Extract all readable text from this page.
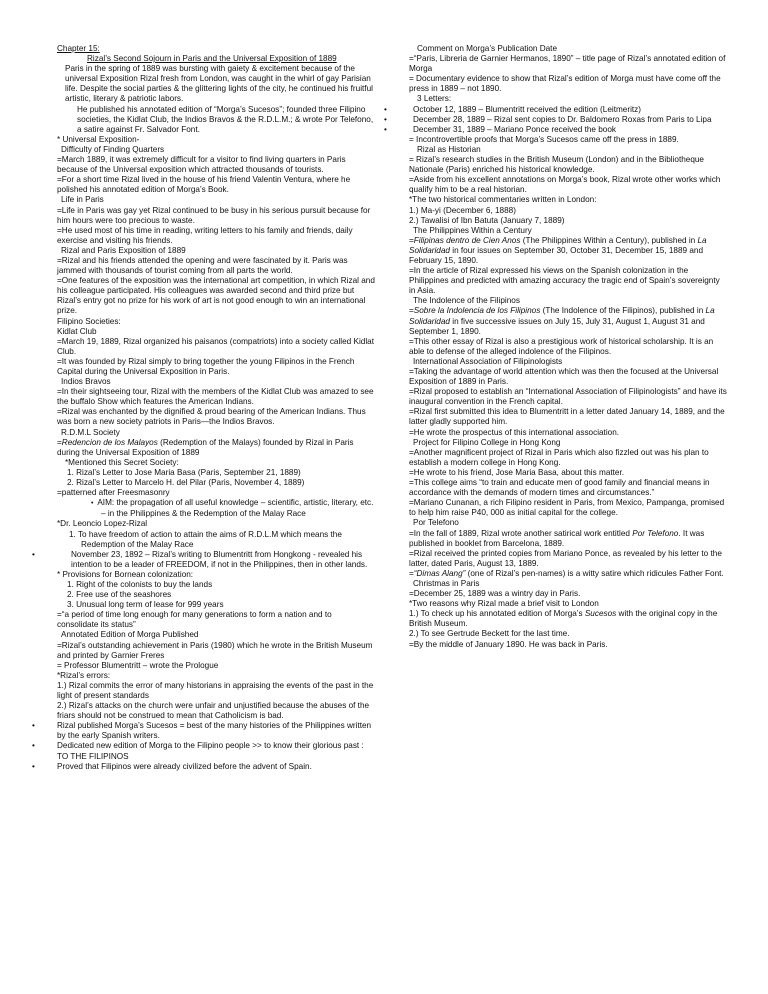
Chapter 15:
Rizal’s Second Sojourn in Paris and the Universal Exposition of 1889
Paris in the spring of 1889 was bursting with gaiety & excitement because of the universal Exposition Rizal fresh from London, was caught in the whirl of gay Parisian life. Despite the social parties & the glittering lights of the city, he continued his fruitful artistic, literary & patriotic labors.
He published his annotated edition of “Morga’s Sucesos”; founded three Filipino societies, the Kidlat Club, the Indios Bravos & the R.D.L.M.; & wrote Por Telefono, a satire against Fr. Salvador Font.
* Universal Exposition-
Difficulty of Finding Quarters
=March 1889, it was extremely difficult for a visitor to find living quarters in Paris because of the Universal exposition which attracted thousands of tourists.
=For a short time Rizal lived in the house of his friend Valentin Ventura, where he polished his annotated edition of Morga’s Book.
Life in Paris
=Life in Paris was gay yet Rizal continued to be busy in his serious pursuit because for him hours were too precious to waste.
=He used most of his time in reading, writing letters to his family and friends, daily exercise and visiting his friends.
Rizal and Paris Exposition of 1889
=Rizal and his friends attended the opening and were fascinated by it. Paris was jammed with thousands of tourist coming from all parts the world.
=One features of the exposition was the international art competition, in which Rizal and his colleague participated. His colleagues was awarded second and third prize but Rizal’s entry got no prize for his work of art is not good enough to win an international prize.
Filipino Societies:
Kidlat Club
=March 19, 1889, Rizal organized his paisanos (compatriots) into a society called Kidlat Club.
=It was founded by Rizal simply to bring together the young Filipinos in the French Capital during the Universal Exposition in Paris.
Indios Bravos
=In their sightseeing tour, Rizal with the members of the Kidlat Club was amazed to see the buffalo Show which features the American Indians.
=Rizal was enchanted by the dignified & proud bearing of the American Indians. Thus was born a new society patriots in Paris—the Indios Bravos.
R.D.M.L Society
=Redencion de los Malayos (Redemption of the Malays) founded by Rizal in Paris during the Universal Exposition of 1889
*Mentioned this Secret Society:
1. Rizal’s Letter to Jose Maria Basa (Paris, September 21, 1889)
2. Rizal’s Letter to Marcelo H. del Pilar (Paris, November 4, 1889)
=patterned after Freesmasonry
•  AIM: the propagation of all useful knowledge – scientific, artistic, literary, etc. – in the Philippines & the Redemption of the Malay Race
*Dr. Leoncio Lopez-Rizal
1. To have freedom of action to attain the aims of R.D.L.M which means the Redemption of the Malay Race
• November 23, 1892 – Rizal’s writing to Blumentritt from Hongkong - revealed his intention to be a leader of FREEDOM, if not in the Philippines, then in other lands.
* Provisions for Bornean colonization:
1. Right of the colonists to buy the lands
2. Free use of the seashores
3. Unusual long term of lease for 999 years
=“a period of time long enough for many generations to form a nation and to consolidate its status”
Annotated Edition of Morga Published
=Rizal’s outstanding achievement in Paris (1980) which he wrote in the British Museum and printed by Garnier Freres
= Professor Blumentritt – wrote the Prologue
*Rizal’s errors:
1.) Rizal commits the error of many historians in appraising the events of the past in the light of present standards
2.) Rizal’s attacks on the church were unfair and unjustified because the abuses of the friars should not be construed to mean that Catholicism is bad.
• Rizal published Morga’s Sucesos = best of the many histories of the Philippines written by the early Spanish writers.
• Dedicated new edition of Morga to the Filipino people >> to know their glorious past : TO THE FILIPINOS
• Proved that Filipinos were already civilized before the advent of Spain.
Comment on Morga’s Publication Date
=“Paris, Libreria de Garnier Hermanos, 1890” – title page of Rizal’s annotated edition of Morga
= Documentary evidence to show that Rizal’s edition of Morga must have come off the press in 1889 – not 1890.
3 Letters:
• October 12, 1889 – Blumentritt received the edition (Leitmeritz)
• December 28, 1889 – Rizal sent copies to Dr. Baldomero Roxas from Paris to Lipa
• December 31, 1889 – Mariano Ponce received the book
= Incontrovertible proofs that Morga’s Sucesos came off the press in 1889.
Rizal as Historian
= Rizal’s research studies in the British Museum (London) and in the Bibliotheque Nationale (Paris) enriched his historical knowledge.
=Aside from his excellent annotations on Morga’s book, Rizal wrote other works which qualify him to be a real historian.
*The two historical commentaries written in London:
1.) Ma-yi (December 6, 1888)
2.) Tawalisi of Ibn Batuta (January 7, 1889)
The Philippines Within a Century
=Filipinas dentro de Cien Anos (The Philippines Within a Century), published in La Solidaridad in four issues on September 30, October 31, December 15, 1889 and February 15, 1890.
=In the article of Rizal expressed his views on the Spanish colonization in the Philippines and predicted with amazing accuracy the tragic end of Spain’s sovereignty in Asia.
The Indolence of the Filipinos
=Sobre la Indolencia de los Filipinos (The Indolence of the Filipinos), published in La Solidaridad in five successive issues on July 15, July 31, August 1, August 31 and September 1, 1890.
=This other essay of Rizal is also a prestigious work of historical scholarship. It is an able to defense of the alleged indolence of the Filipinos.
International Association of Filipinologists
=Taking the advantage of world attention which was then the focused at the Universal Exposition of 1889 in Paris.
=Rizal proposed to establish an “International Association of Filipinologists” and have its inaugural convention in the French capital.
=Rizal first submitted this idea to Blumentritt in a letter dated January 14, 1889, and the latter gladly supported him.
=He wrote the prospectus of this international association.
Project for Filipino College in Hong Kong
=Another magnificent project of Rizal in Paris which also fizzled out was his plan to establish a modern college in Hong Kong.
=He wrote to his friend, Jose Maria Basa, about this matter.
=This college aims “to train and educate men of good family and financial means in accordance with the demands of modern times and circumstances.”
=Mariano Cunanan, a rich Filipino resident in Paris, from Mexico, Pampanga, promised to help him raise P40, 000 as initial capital for the college.
Por Telefono
=In the fall of 1889, Rizal wrote another satirical work entitled Por Telefono. It was published in booklet from Barcelona, 1889.
=Rizal received the printed copies from Mariano Ponce, as revealed by his letter to the latter, dated Paris, August 13, 1889.
=“Dimas Alang” (one of Rizal’s pen-names) is a witty satire which ridicules Father Font.
Christmas in Paris
=December 25, 1889 was a wintry day in Paris.
*Two reasons why Rizal made a brief visit to London
1.) To check up his annotated edition of Morga’s Sucesos with the original copy in the British Museum.
2.) To see Gertrude Beckett for the last time.
=By the middle of January 1890. He was back in Paris.
